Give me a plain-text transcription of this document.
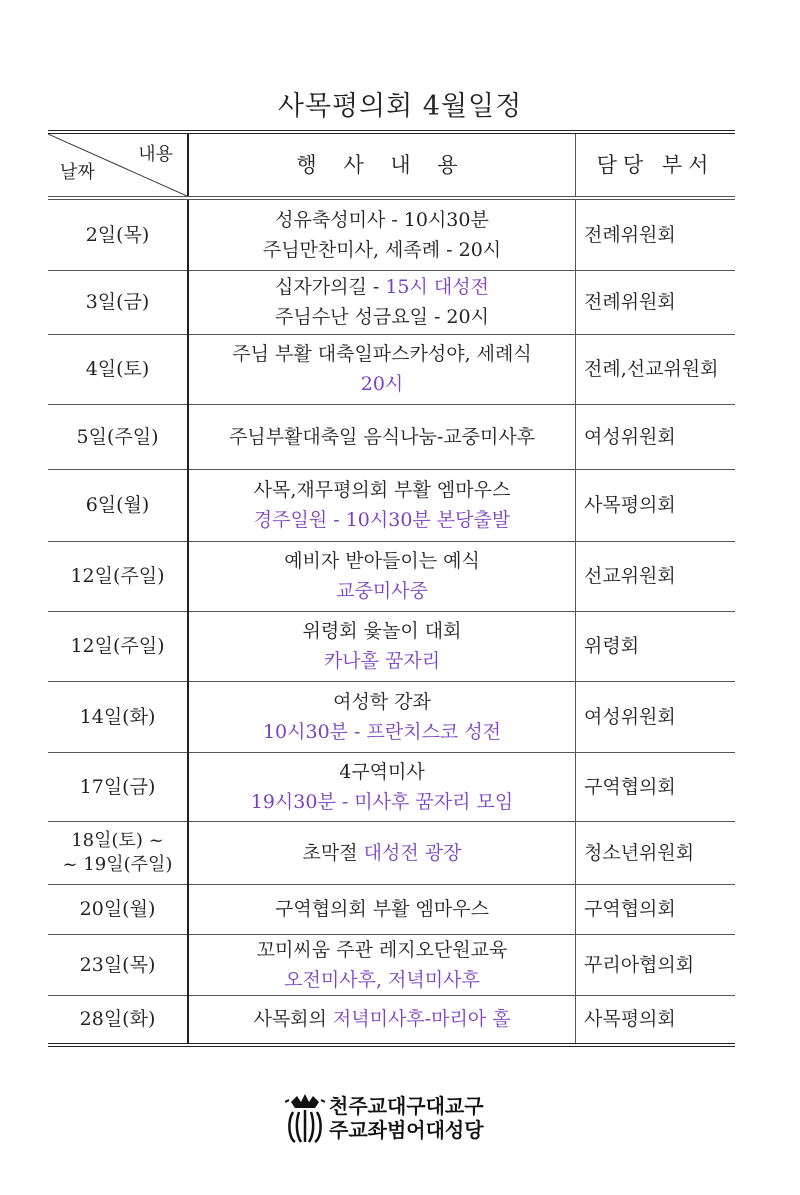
사목평의회 4월일정
내용
날짜	행 사 내 용	담당 부서

2일(목)	성유축성미사 - 10시30분
주님만찬미사, 세족례 - 20시	전례위원회

3일(금)	십자가의길 - 15시 대성전
주님수난 성금요일 - 20시	전례위원회

4일(토)	주님 부활 대축일파스카성야, 세례식
20시	전례,선교위원회

5일(주일)	주님부활대축일 음식나눔-교중미사후	여성위원회

6일(월)	사목,재무평의회 부활 엠마우스
경주일원 - 10시30분 본당출발	사목평의회

12일(주일)	예비자 받아들이는 예식
교중미사중	선교위원회

12일(주일)	위령회 윷놀이 대회
카나홀 꿈자리	위령회

14일(화)	여성학 강좌
10시30분 - 프란치스코 성전	여성위원회

17일(금)	4구역미사
19시30분 - 미사후 꿈자리 모임	구역협의회

18일(토) ~
~ 19일(주일)	초막절 대성전 광장	청소년위원회

20일(월)	구역협의회 부활 엠마우스	구역협의회

23일(목)	꼬미씨움 주관 레지오단원교육
오전미사후, 저녁미사후	꾸리아협의회

28일(화)	사목회의 저녁미사후-마리아 홀	사목평의회
천주교대구대교구
주교좌범어대성당
